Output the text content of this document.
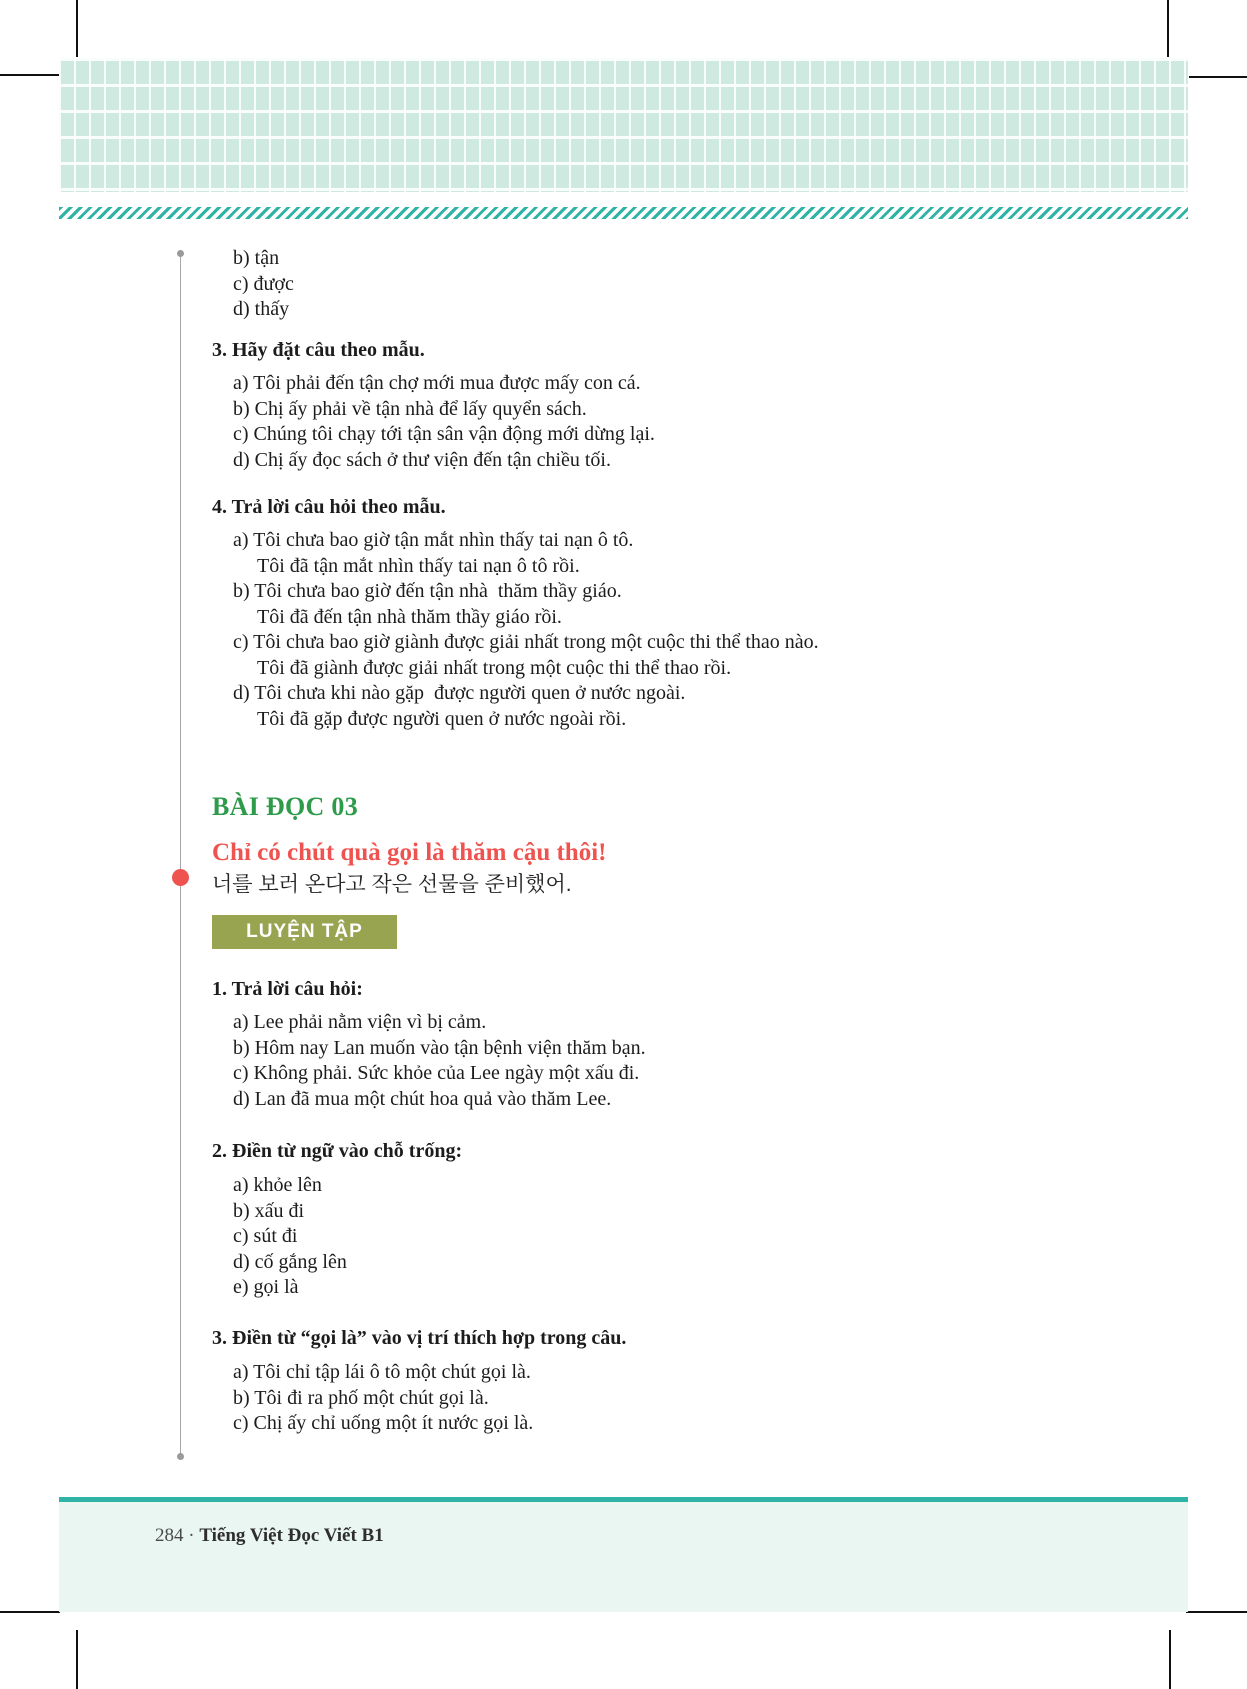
b) tận
c) được
d) thấy
3. Hãy đặt câu theo mẫu.
a) Tôi phải đến tận chợ mới mua được mấy con cá.
b) Chị ấy phải về tận nhà để lấy quyển sách.
c) Chúng tôi chạy tới tận sân vận động mới dừng lại.
d) Chị ấy đọc sách ở thư viện đến tận chiều tối.
4. Trả lời câu hỏi theo mẫu.
a) Tôi chưa bao giờ tận mắt nhìn thấy tai nạn ô tô.
Tôi đã tận mắt nhìn thấy tai nạn ô tô rồi.
b) Tôi chưa bao giờ đến tận nhà  thăm thầy giáo.
Tôi đã đến tận nhà thăm thầy giáo rồi.
c) Tôi chưa bao giờ giành được giải nhất trong một cuộc thi thể thao nào.
Tôi đã giành được giải nhất trong một cuộc thi thể thao rồi.
d) Tôi chưa khi nào gặp  được người quen ở nước ngoài.
Tôi đã gặp được người quen ở nước ngoài rồi.
BÀI ĐỌC 03
Chỉ có chút quà gọi là thăm cậu thôi!
너를 보러 온다고 작은 선물을 준비했어.
LUYỆN TẬP
1. Trả lời câu hỏi:
a) Lee phải nằm viện vì bị cảm.
b) Hôm nay Lan muốn vào tận bệnh viện thăm bạn.
c) Không phải. Sức khỏe của Lee ngày một xấu đi.
d) Lan đã mua một chút hoa quả vào thăm Lee.
2. Điền từ ngữ vào chỗ trống:
a) khỏe lên
b) xấu đi
c) sút đi
d) cố gắng lên
e) gọi là
3. Điền từ “gọi là” vào vị trí thích hợp trong câu.
a) Tôi chỉ tập lái ô tô một chút gọi là.
b) Tôi đi ra phố một chút gọi là.
c) Chị ấy chỉ uống một ít nước gọi là.
284 · Tiếng Việt Đọc Viết B1
